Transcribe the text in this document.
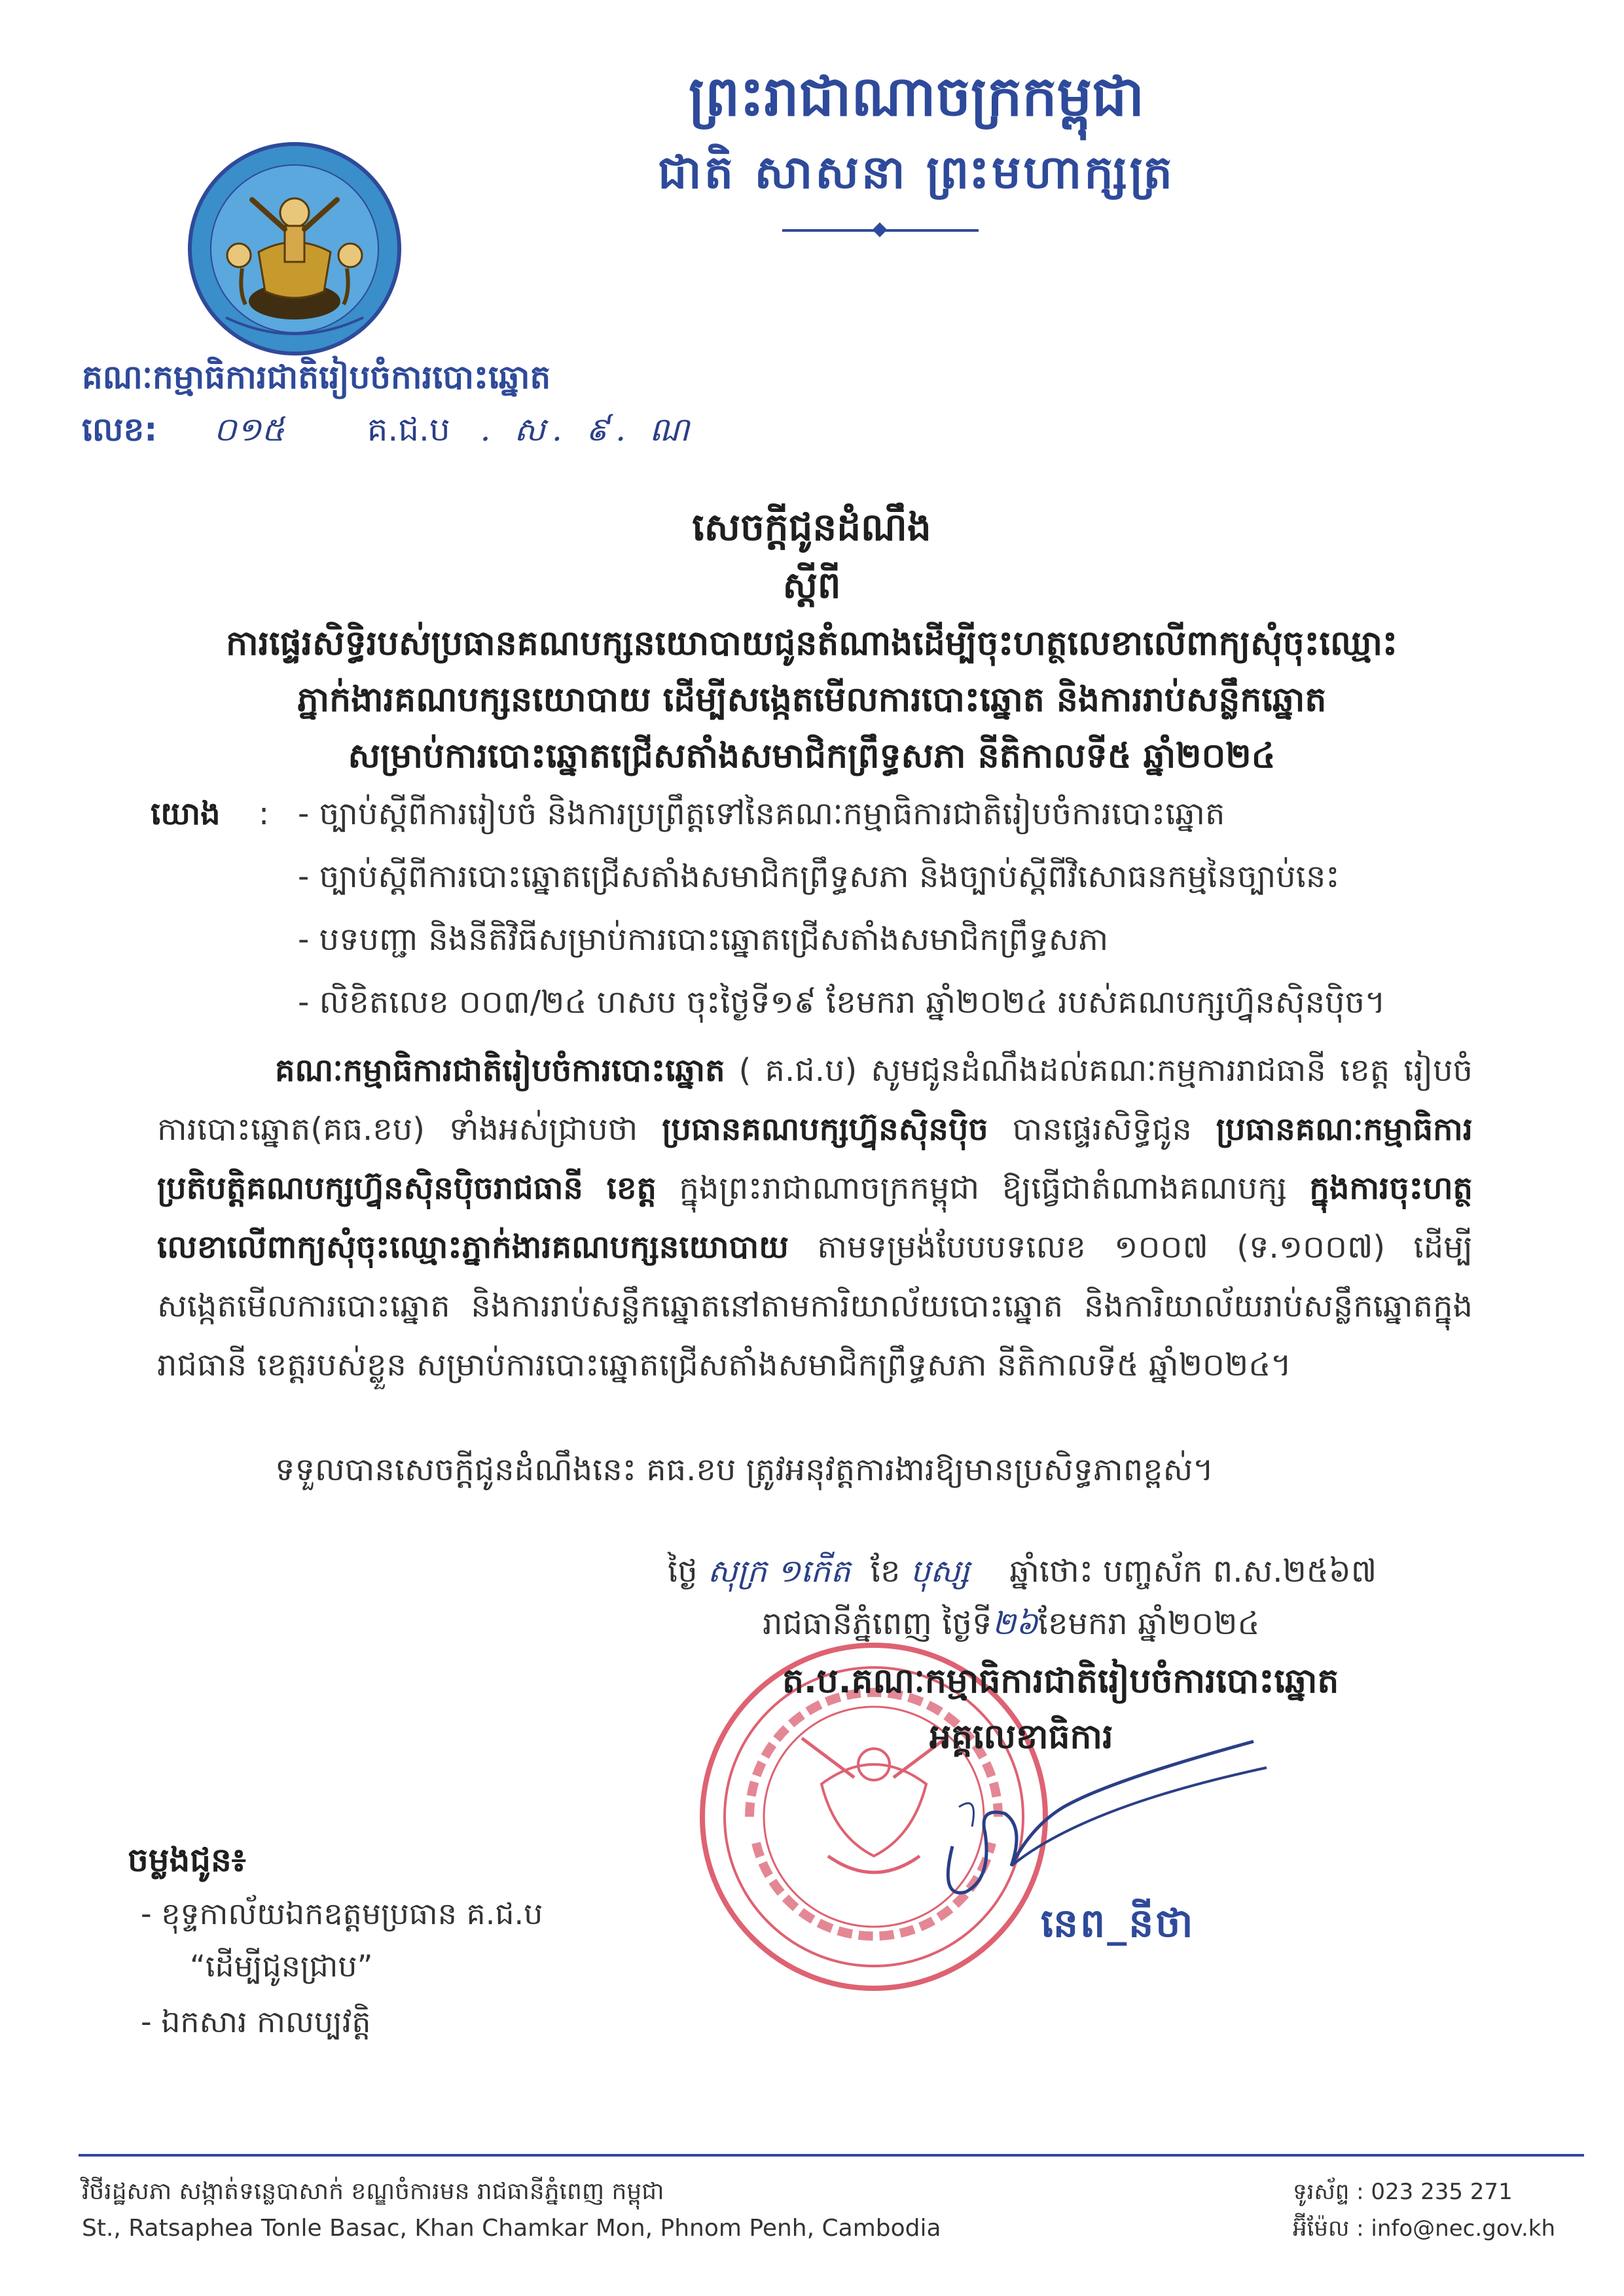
ព្រះរាជាណាចក្រកម្ពុជា
ជាតិ សាសនា ព្រះមហាក្សត្រ
គណៈកម្មាធិការជាតិរៀបចំការបោះឆ្នោត
លេខ: ០១៥	គ.ជ.ប . ស. ៩. ណ
សេចក្តីជូនដំណឹង
ស្តីពី
ការផ្ទេរសិទ្ធិរបស់ប្រធានគណបក្សនយោបាយជូនតំណាងដើម្បីចុះហត្ថលេខាលើពាក្យសុំចុះឈ្មោះ
ភ្នាក់ងារគណបក្សនយោបាយ ដើម្បីសង្កេតមើលការបោះឆ្នោត និងការរាប់សន្លឹកឆ្នោត
សម្រាប់ការបោះឆ្នោតជ្រើសតាំងសមាជិកព្រឹទ្ធសភា នីតិកាលទី៥ ឆ្នាំ២០២៤
យោង : - ច្បាប់ស្តីពីការរៀបចំ និងការប្រព្រឹត្តទៅនៃគណៈកម្មាធិការជាតិរៀបចំការបោះឆ្នោត
- ច្បាប់ស្តីពីការបោះឆ្នោតជ្រើសតាំងសមាជិកព្រឹទ្ធសភា និងច្បាប់ស្តីពីវិសោធនកម្មនៃច្បាប់នេះ
- បទបញ្ជា និងនីតិវិធីសម្រាប់ការបោះឆ្នោតជ្រើសតាំងសមាជិកព្រឹទ្ធសភា
- លិខិតលេខ ០០៣/២៤ ហសប ចុះថ្ងៃទី១៩ ខែមករា ឆ្នាំ២០២៤ របស់គណបក្សហ្វ៊ុនស៊ិនប៉ិច។
គណៈកម្មាធិការជាតិរៀបចំការបោះឆ្នោត ( គ.ជ.ប) សូមជូនដំណឹងដល់គណៈកម្មការរាជធានី ខេត្ត រៀបចំការបោះឆ្នោត(គធ.ខប) ទាំងអស់ជ្រាបថា ប្រធានគណបក្សហ្វ៊ុនស៊ិនប៉ិច បានផ្ទេរសិទ្ធិជូន ប្រធានគណៈកម្មាធិការប្រតិបត្តិគណបក្សហ្វ៊ុនស៊ិនប៉ិចរាជធានី ខេត្ត ក្នុងព្រះរាជាណាចក្រកម្ពុជា ឱ្យធ្វើជាតំណាងគណបក្ស ក្នុងការចុះហត្ថលេខាលើពាក្យសុំចុះឈ្មោះភ្នាក់ងារគណបក្សនយោបាយ តាមទម្រង់បែបបទលេខ ១០០៧ (ទ.១០០៧) ដើម្បីសង្កេតមើលការបោះឆ្នោត និងការរាប់សន្លឹកឆ្នោតនៅតាមការិយាល័យបោះឆ្នោត និងការិយាល័យរាប់សន្លឹកឆ្នោតក្នុងរាជធានី ខេត្តរបស់ខ្លួន សម្រាប់ការបោះឆ្នោតជ្រើសតាំងសមាជិកព្រឹទ្ធសភា នីតិកាលទី៥ ឆ្នាំ២០២៤។
ទទួលបានសេចក្តីជូនដំណឹងនេះ គធ.ខប ត្រូវអនុវត្តការងារឱ្យមានប្រសិទ្ធភាពខ្ពស់។
ថ្ងៃ សុក្រ ១កេីត ខែ បុស្ស ឆ្នាំថោះ បញ្ចស័ក ព.ស.២៥៦៧
រាជធានីភ្នំពេញ ថ្ងៃទី២៦ខែមករា ឆ្នាំ២០២៤
ត.ប.គណៈកម្មាធិការជាតិរៀបចំការបោះឆ្នោត
អគ្គលេខាធិការ
នេព_នីថា
ចម្លងជូន៖
- ខុទ្ទកាល័យឯកឧត្តមប្រធាន គ.ជ.ប
“ដើម្បីជូនជ្រាប”
- ឯកសារ កាលប្បវត្តិ
វិថីរដ្ឋសភា សង្កាត់ទន្លេបាសាក់ ខណ្ឌចំការមន រាជធានីភ្នំពេញ កម្ពុជា
St., Ratsaphea Tonle Basac, Khan Chamkar Mon, Phnom Penh, Cambodia
ទូរស័ព្ទ : 023 235 271
អ៊ីម៉ែល : info@nec.gov.kh
